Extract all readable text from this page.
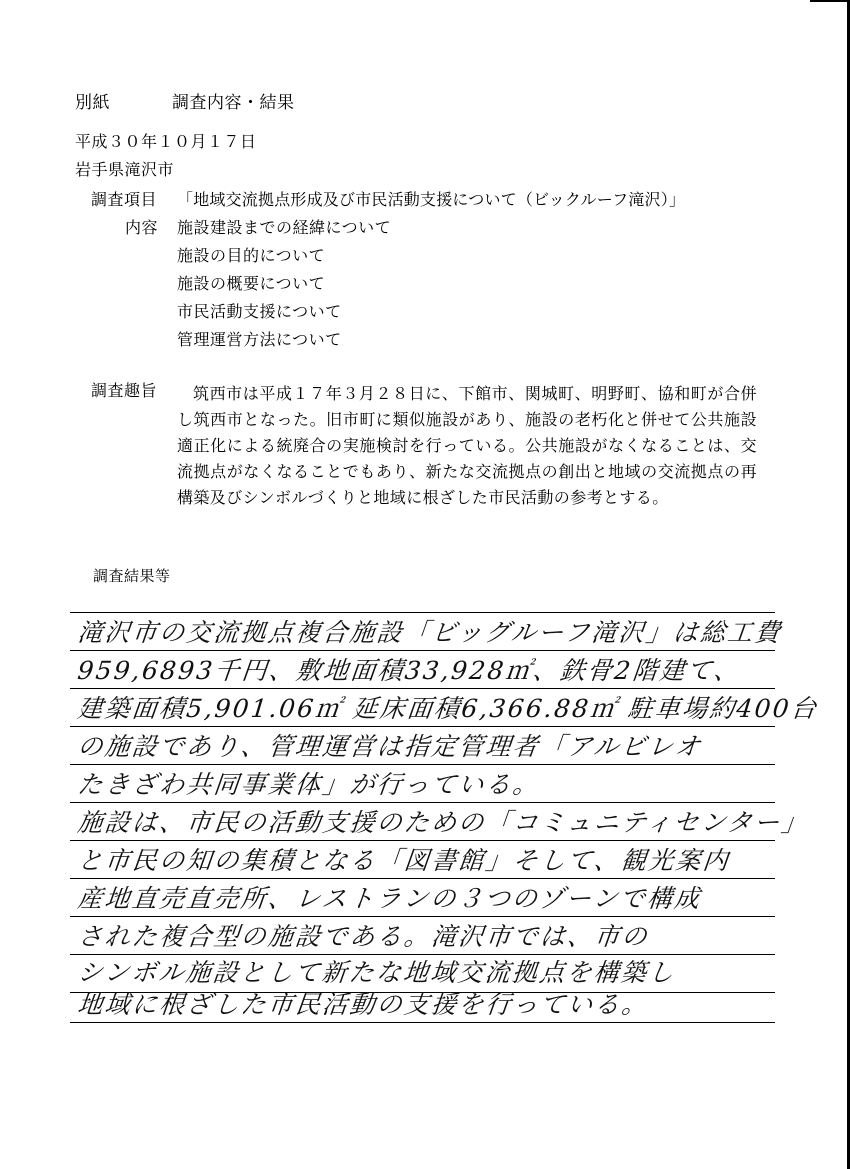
別紙	調査内容・結果
平成３０年１０月１７日
岩手県滝沢市
調査項目 「地域交流拠点形成及び市民活動支援について（ビックルーフ滝沢）」
内容 施設建設までの経緯について
施設の目的について
施設の概要について
市民活動支援について
管理運営方法について
調査趣旨	筑西市は平成１７年３月２８日に、下館市、関城町、明野町、協和町が合併し筑西市となった。旧市町に類似施設があり、施設の老朽化と併せて公共施設適正化による統廃合の実施検討を行っている。公共施設がなくなることは、交流拠点がなくなることでもあり、新たな交流拠点の創出と地域の交流拠点の再構築及びシンボルづくりと地域に根ざした市民活動の参考とする。
調査結果等
滝沢市の交流拠点複合施設「ビッグルーフ滝沢」は総工費
959,6893千円、敷地面積33,928㎡、鉄骨2階建て、
建築面積5,901.06㎡ 延床面積6,366.88㎡ 駐車場約400台
の施設であり、管理運営は指定管理者「アルビレオ
たきざわ共同事業体」が行っている。
施設は、市民の活動支援のための「コミュニティセンター」
と市民の知の集積となる「図書館」そして、観光案内
産地直売直売所、レストランの３つのゾーンで構成
された複合型の施設である。滝沢市では、市の
シンボル施設として新たな地域交流拠点を構築し
地域に根ざした市民活動の支援を行っている。
